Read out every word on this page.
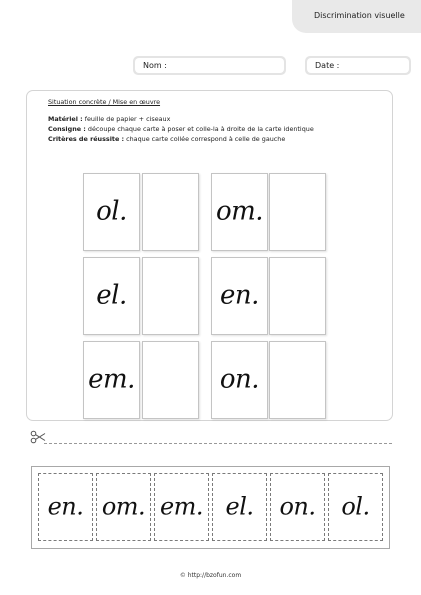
Discrimination visuelle
Nom :	Date :
Situation concrète / Mise en œuvre
Matériel : feuille de papier + ciseaux
Consigne : découpe chaque carte à poser et colle-la à droite de la carte identique
Critères de réussite : chaque carte collée correspond à celle de gauche
ol.	om.
el.	en.
em.	on.
en. om. em. el.	on.	ol.
© http://bzofun.com
